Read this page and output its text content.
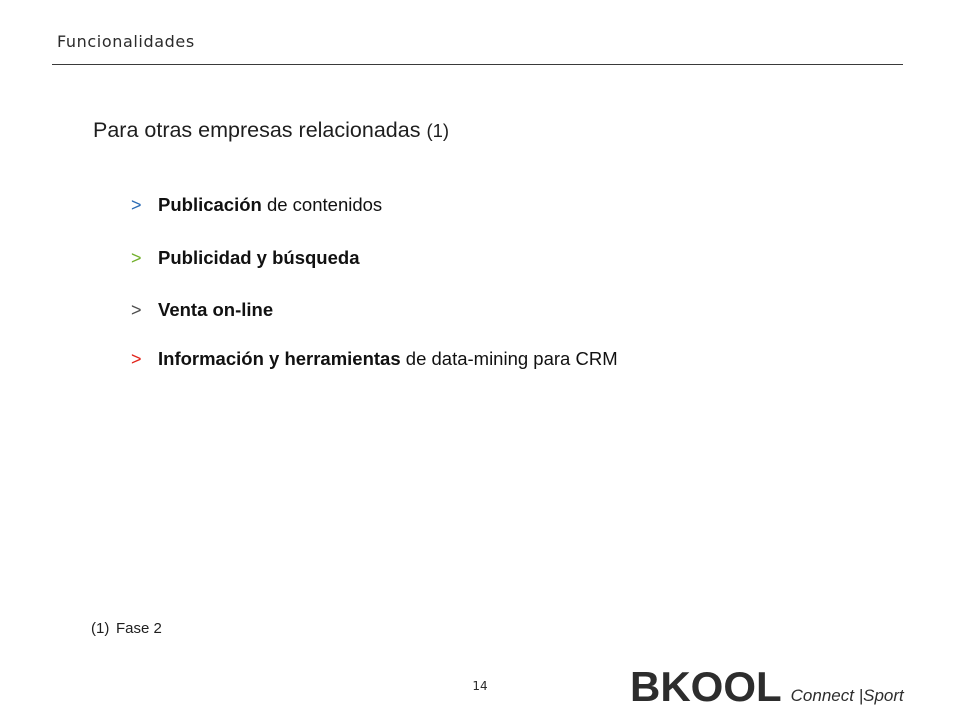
Funcionalidades
Para otras empresas relacionadas (1)
> Publicación de contenidos
> Publicidad y búsqueda
> Venta on-line
> Información y herramientas de data-mining para CRM
(1) Fase 2
14	BKOOL Connect |Sport
